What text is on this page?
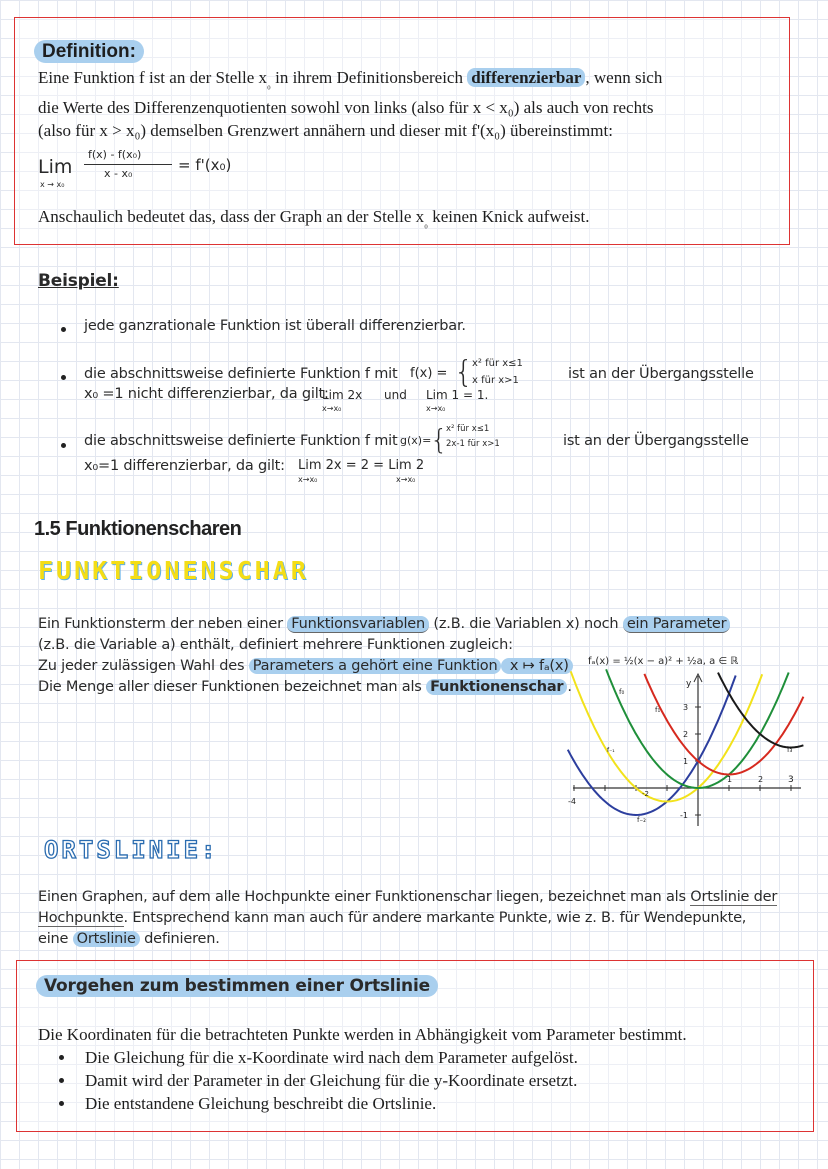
Definition:
Eine Funktion f ist an der Stelle $x_{_0}$ in ihrem Definitionsbereich differenzierbar , wenn sich
die Werte des Differenzenquotienten sowohl von links (also für x < x₀) als auch von rechts
(also für x > x₀) demselben Grenzwert annähern und dieser mit f'(x₀) übereinstimmt:
Lim
x → x₀
f(x) - f(x₀)
x - x₀	= f'(x₀)
Anschaulich bedeutet das, dass der Graph an der Stelle $x_{_0}$ keinen Knick aufweist.
Beispiel:
jede ganzrationale Funktion ist überall differenzierbar.
die abschnittsweise definierte Funktion f mit f(x) = {
x² für x≤1
x für x>1	ist an der Übergangsstelle
x₀ =1 nicht differenzierbar, da gilt:
Lim 2x
x→x₀
und Lim 1 = 1.
x→x₀
die abschnittsweise definierte Funktion f mit g(x)=
{
x² für x≤1
2x-1 für x>1	ist an der Übergangsstelle
x₀=1 differenzierbar, da gilt: Lim 2x = 2 = Lim 2
x→x₀	x→x₀
1.5 Funktionenscharen
FUNKTIONENSCHAR
Ein Funktionsterm der neben einer Funktionsvariablen (z.B. die Variablen x) noch ein Parameter
(z.B. die Variable a) enthält, definiert mehrere Funktionen zugleich:
Zu jeder zulässigen Wahl des Parameters a gehört eine Funktion x ↦ fₐ(x)
Die Menge aller dieser Funktionen bezeichnet man als Funktionenschar .
fₐ(x) = ½(x − a)² + ½a, a ∈ ℝ
y
-4
1	2	3
3
2
1
-1
-2
f₀
f₁
f₃
f₋₁
f₋₂
ORTSLINIE:
Einen Graphen, auf dem alle Hochpunkte einer Funktionenschar liegen, bezeichnet man als Ortslinie der
Hochpunkte. Entsprechend kann man auch für andere markante Punkte, wie z. B. für Wendepunkte,
eine Ortslinie definieren.
Vorgehen zum bestimmen einer Ortslinie
Die Koordinaten für die betrachteten Punkte werden in Abhängigkeit vom Parameter bestimmt.
Die Gleichung für die x-Koordinate wird nach dem Parameter aufgelöst.
Damit wird der Parameter in der Gleichung für die y-Koordinate ersetzt.
Die entstandene Gleichung beschreibt die Ortslinie.
